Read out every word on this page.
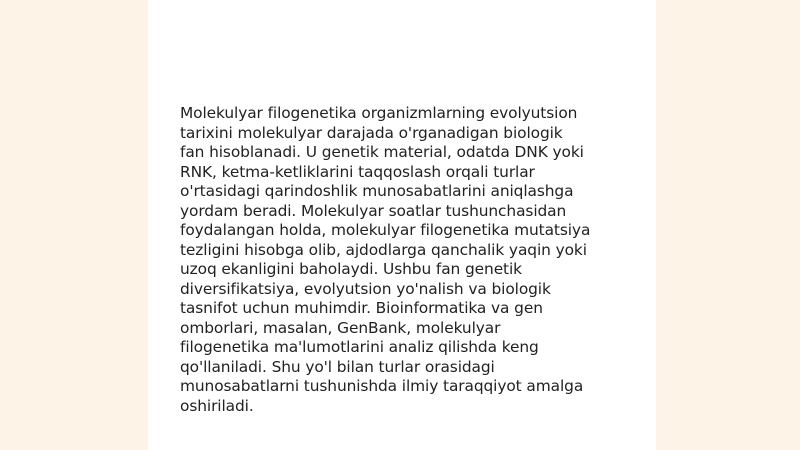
Molekulyar filogenetika organizmlarning evolyutsion
tarixini molekulyar darajada o'rganadigan biologik
fan hisoblanadi. U genetik material, odatda DNK yoki
RNK, ketma-ketliklarini taqqoslash orqali turlar
o'rtasidagi qarindoshlik munosabatlarini aniqlashga
yordam beradi. Molekulyar soatlar tushunchasidan
foydalangan holda, molekulyar filogenetika mutatsiya
tezligini hisobga olib, ajdodlarga qanchalik yaqin yoki
uzoq ekanligini baholaydi. Ushbu fan genetik
diversifikatsiya, evolyutsion yo'nalish va biologik
tasnifot uchun muhimdir. Bioinformatika va gen
omborlari, masalan, GenBank, molekulyar
filogenetika ma'lumotlarini analiz qilishda keng
qo'llaniladi. Shu yo'l bilan turlar orasidagi
munosabatlarni tushunishda ilmiy taraqqiyot amalga
oshiriladi.
